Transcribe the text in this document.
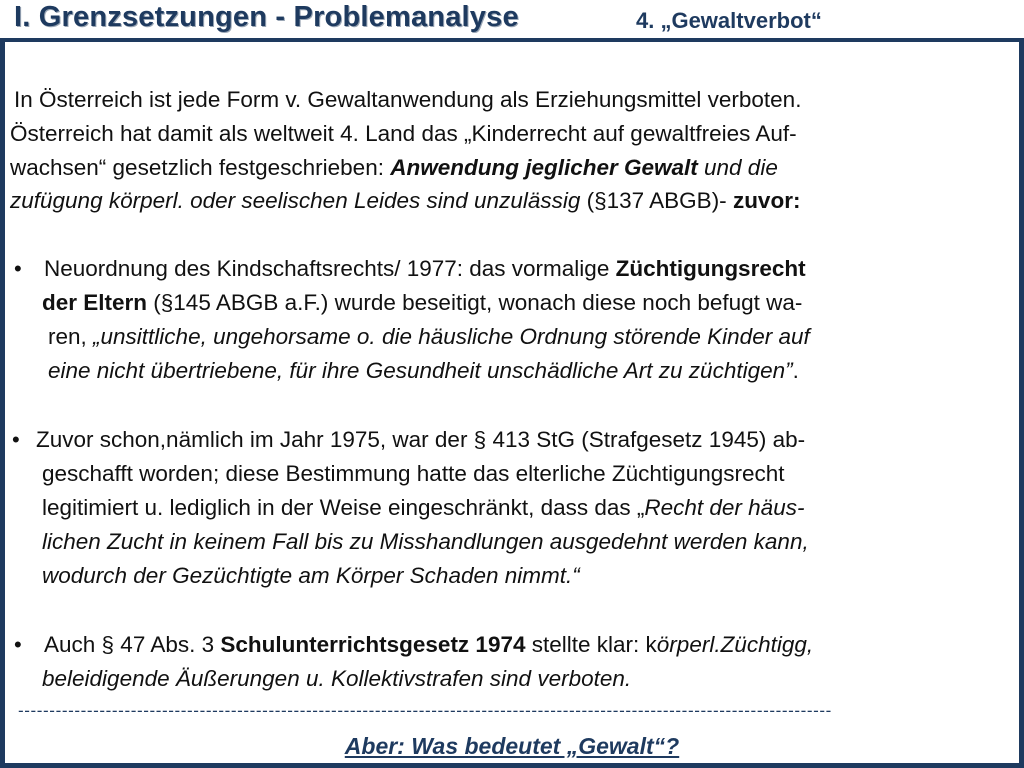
I. Grenzsetzungen - Problemanalyse	4. „Gewaltverbot“
In Österreich ist jede Form v. Gewaltanwendung als Erziehungsmittel verboten.
Österreich hat damit als weltweit 4. Land das „Kinderrecht auf gewaltfreies Auf-
wachsen“ gesetzlich festgeschrieben: Anwendung jeglicher Gewalt und die
zufügung körperl. oder seelischen Leides sind unzulässig (§137 ABGB)- zuvor:
• Neuordnung des Kindschaftsrechts/ 1977: das vormalige Züchtigungsrecht
der Eltern (§145 ABGB a.F.) wurde beseitigt, wonach diese noch befugt wa-
ren, „unsittliche, ungehorsame o. die häusliche Ordnung störende Kinder auf
eine nicht übertriebene, für ihre Gesundheit unschädliche Art zu züchtigen”.
• Zuvor schon,nämlich im Jahr 1975, war der § 413 StG (Strafgesetz 1945) ab-
geschafft worden; diese Bestimmung hatte das elterliche Züchtigungsrecht
legitimiert u. lediglich in der Weise eingeschränkt, dass das „Recht der häus-
lichen Zucht in keinem Fall bis zu Misshandlungen ausgedehnt werden kann,
wodurch der Gezüchtigte am Körper Schaden nimmt.“
• Auch § 47 Abs. 3 Schulunterrichtsgesetz 1974 stellte klar: körperl.Züchtigg,
beleidigende Äußerungen u. Kollektivstrafen sind verboten.
----------------------------------------------------------------------------------------------------------------------------------
Aber: Was bedeutet „Gewalt“?
